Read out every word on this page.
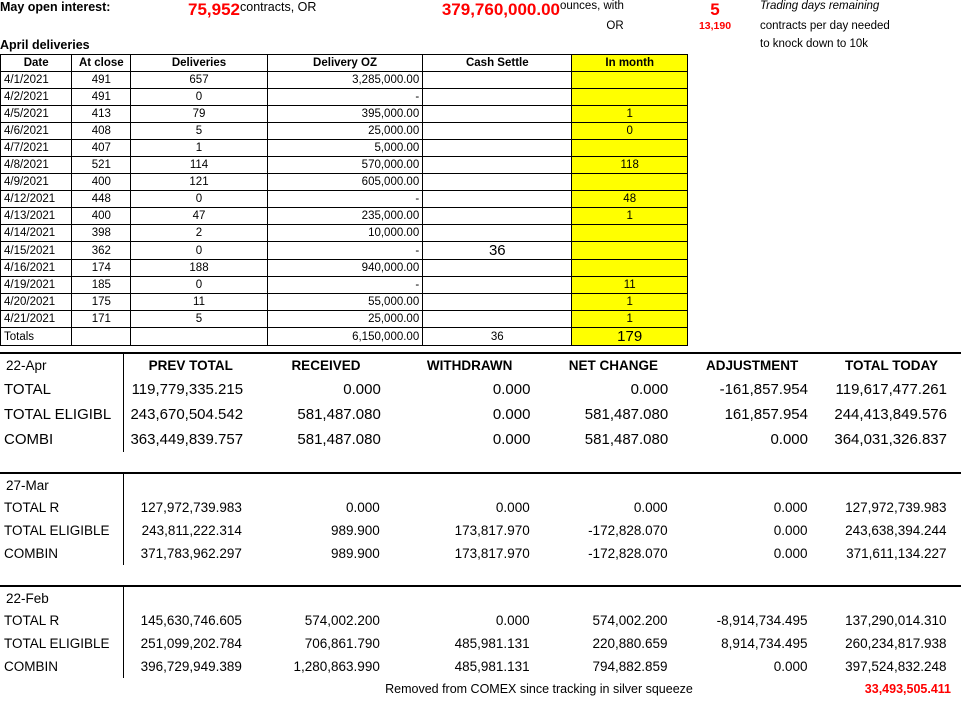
May open interest:	75,952	contracts, OR	379,760,000.00	ounces, with	5	Trading days remaining
				OR	13,190	contracts per day needed
April deliveries						to knock down to 10k
Date	At close	Deliveries	Delivery OZ	Cash Settle	In month
4/1/2021	491	657	3,285,000.00		
4/2/2021	491	0	-		
4/5/2021	413	79	395,000.00		1
4/6/2021	408	5	25,000.00		0
4/7/2021	407	1	5,000.00		
4/8/2021	521	114	570,000.00		118
4/9/2021	400	121	605,000.00		
4/12/2021	448	0	-		48
4/13/2021	400	47	235,000.00		1
4/14/2021	398	2	10,000.00		
4/15/2021	362	0	-	36	
4/16/2021	174	188	940,000.00		
4/19/2021	185	0	-		11
4/20/2021	175	11	55,000.00		1
4/21/2021	171	5	25,000.00		1
Totals			6,150,000.00	36	179
22-Apr	PREV TOTAL	RECEIVED	WITHDRAWN	NET CHANGE	ADJUSTMENT	TOTAL TODAY
TOTAL	119,779,335.215	0.000	0.000	0.000	-161,857.954	119,617,477.261
TOTAL ELIGIBL	243,670,504.542	581,487.080	0.000	581,487.080	161,857.954	244,413,849.576
COMBI	363,449,839.757	581,487.080	0.000	581,487.080	0.000	364,031,326.837
27-Mar						
TOTAL R	127,972,739.983	0.000	0.000	0.000	0.000	127,972,739.983
TOTAL ELIGIBLE	243,811,222.314	989.900	173,817.970	-172,828.070	0.000	243,638,394.244
COMBIN	371,783,962.297	989.900	173,817.970	-172,828.070	0.000	371,611,134.227
22-Feb						
TOTAL R	145,630,746.605	574,002.200	0.000	574,002.200	-8,914,734.495	137,290,014.310
TOTAL ELIGIBLE	251,099,202.784	706,861.790	485,981.131	220,880.659	8,914,734.495	260,234,817.938
COMBIN	396,729,949.389	1,280,863.990	485,981.131	794,882.859	0.000	397,524,832.248
	Removed from COMEX since tracking in silver squeeze	33,493,505.411
